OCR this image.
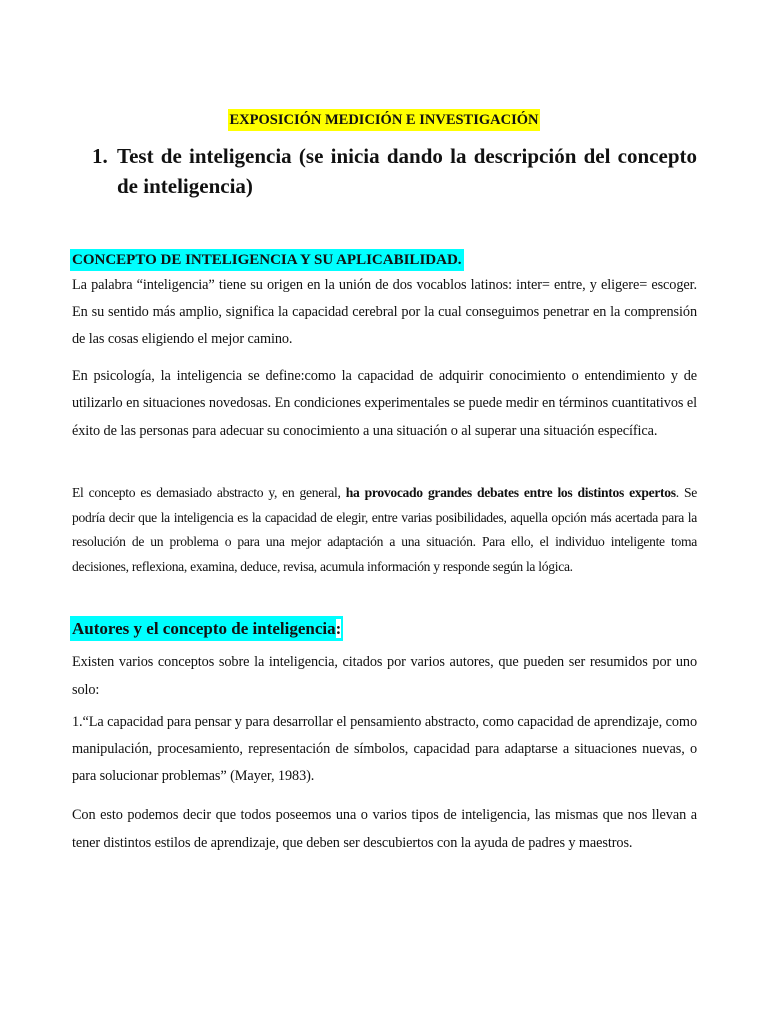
EXPOSICIÓN MEDICIÓN E INVESTIGACIÓN
1. Test de inteligencia (se inicia dando la descripción del concepto de inteligencia)
CONCEPTO DE INTELIGENCIA Y SU APLICABILIDAD.

La palabra “inteligencia” tiene su origen en la unión de dos vocablos latinos: inter= entre, y eligere= escoger. En su sentido más amplio, significa la capacidad cerebral por la cual conseguimos penetrar en la comprensión de las cosas eligiendo el mejor camino.

En psicología, la inteligencia se define:como la capacidad de adquirir conocimiento o entendimiento y de utilizarlo en situaciones novedosas. En condiciones experimentales se puede medir en términos cuantitativos el éxito de las personas para adecuar su conocimiento a una situación o al superar una situación específica.

El concepto es demasiado abstracto y, en general, ha provocado grandes debates entre los distintos expertos. Se podría decir que la inteligencia es la capacidad de elegir, entre varias posibilidades, aquella opción más acertada para la resolución de un problema o para una mejor adaptación a una situación. Para ello, el individuo inteligente toma decisiones, reflexiona, examina, deduce, revisa, acumula información y responde según la lógica.

Autores y el concepto de inteligencia:

Existen varios conceptos sobre la inteligencia, citados por varios autores, que pueden ser resumidos por uno solo:

1.“La capacidad para pensar y para desarrollar el pensamiento abstracto, como capacidad de aprendizaje, como manipulación, procesamiento, representación de símbolos, capacidad para adaptarse a situaciones nuevas, o para solucionar problemas” (Mayer, 1983).

Con esto podemos decir que todos poseemos una o varios tipos de inteligencia, las mismas que nos llevan a tener distintos estilos de aprendizaje, que deben ser descubiertos con la ayuda de padres y maestros.
